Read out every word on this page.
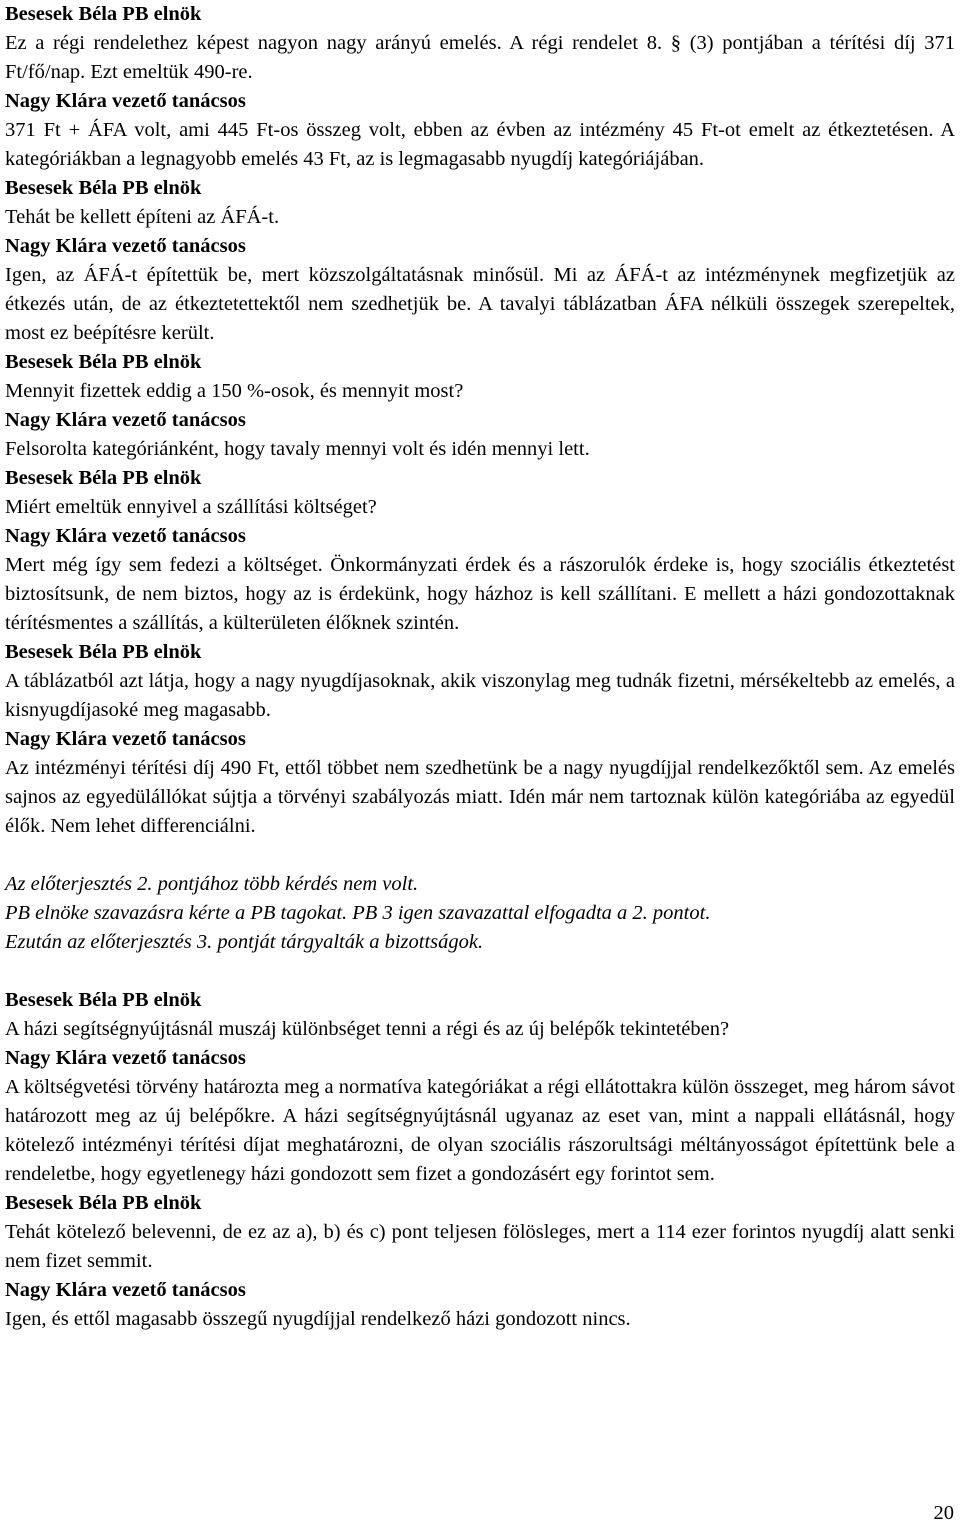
Besesek Béla PB elnök
Ez a régi rendelethez képest nagyon nagy arányú emelés. A régi rendelet 8. § (3) pontjában a térítési díj 371 Ft/fő/nap. Ezt emeltük 490-re.
Nagy Klára vezető tanácsos
371 Ft + ÁFA volt, ami 445 Ft-os összeg volt, ebben az évben az intézmény 45 Ft-ot emelt az étkeztetésen. A kategóriákban a legnagyobb emelés 43 Ft, az is legmagasabb nyugdíj kategóriájában.
Besesek Béla PB elnök
Tehát be kellett építeni az ÁFÁ-t.
Nagy Klára vezető tanácsos
Igen, az ÁFÁ-t építettük be, mert közszolgáltatásnak minősül. Mi az ÁFÁ-t az intézménynek megfizetjük az étkezés után, de az étkeztetettektől nem szedhetjük be. A tavalyi táblázatban ÁFA nélküli összegek szerepeltek, most ez beépítésre került.
Besesek Béla PB elnök
Mennyit fizettek eddig a 150 %-osok, és mennyit most?
Nagy Klára vezető tanácsos
Felsorolta kategóriánként, hogy tavaly mennyi volt és idén mennyi lett.
Besesek Béla PB elnök
Miért emeltük ennyivel a szállítási költséget?
Nagy Klára vezető tanácsos
Mert még így sem fedezi a költséget. Önkormányzati érdek és a rászorulók érdeke is, hogy szociális étkeztetést biztosítsunk, de nem biztos, hogy az is érdekünk, hogy házhoz is kell szállítani. E mellett a házi gondozottaknak térítésmentes a szállítás, a külterületen élőknek szintén.
Besesek Béla PB elnök
A táblázatból azt látja, hogy a nagy nyugdíjasoknak, akik viszonylag meg tudnák fizetni, mérsékeltebb az emelés, a kisnyugdíjasoké meg magasabb.
Nagy Klára vezető tanácsos
Az intézményi térítési díj 490 Ft, ettől többet nem szedhetünk be a nagy nyugdíjjal rendelkezőktől sem. Az emelés sajnos az egyedülállókat sújtja a törvényi szabályozás miatt. Idén már nem tartoznak külön kategóriába az egyedül élők. Nem lehet differenciálni.
Az előterjesztés 2. pontjához több kérdés nem volt.
PB elnöke szavazásra kérte a PB tagokat. PB 3 igen szavazattal elfogadta a 2. pontot.
Ezután az előterjesztés 3. pontját tárgyalták a bizottságok.
Besesek Béla PB elnök
A házi segítségnyújtásnál muszáj különbséget tenni a régi és az új belépők tekintetében?
Nagy Klára vezető tanácsos
A költségvetési törvény határozta meg a normatíva kategóriákat a régi ellátottakra külön összeget, meg három sávot határozott meg az új belépőkre. A házi segítségnyújtásnál ugyanaz az eset van, mint a nappali ellátásnál, hogy kötelező intézményi térítési díjat meghatározni, de olyan szociális rászorultsági méltányosságot építettünk bele a rendeletbe, hogy egyetlenegy házi gondozott sem fizet a gondozásért egy forintot sem.
Besesek Béla PB elnök
Tehát kötelező belevenni, de ez az a), b) és c) pont teljesen fölösleges, mert a 114 ezer forintos nyugdíj alatt senki nem fizet semmit.
Nagy Klára vezető tanácsos
Igen, és ettől magasabb összegű nyugdíjjal rendelkező házi gondozott nincs.
20
